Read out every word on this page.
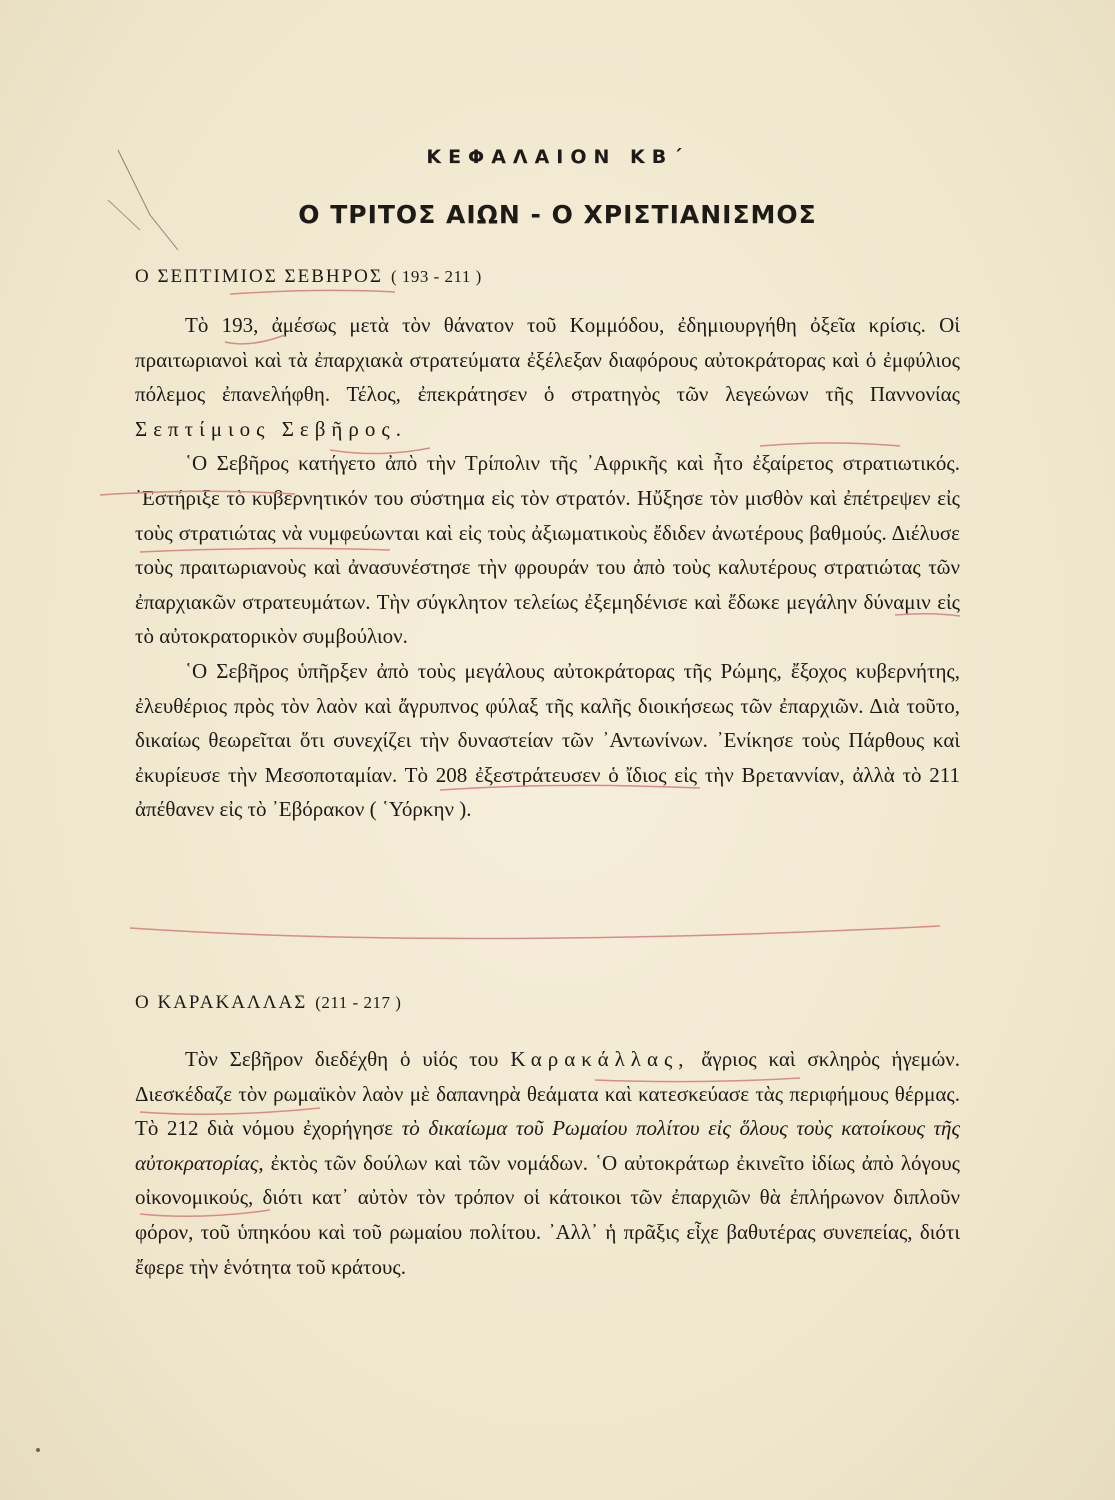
ΚΕΦΑΛΑΙΟΝ ΚΒ΄
Ο ΤΡΙΤΟΣ ΑΙΩΝ - Ο ΧΡΙΣΤΙΑΝΙΣΜΟΣ
Ο ΣΕΠΤΙΜΙΟΣ ΣΕΒΗΡΟΣ ( 193 - 211 )

Τὸ 193, ἀμέσως μετὰ τὸν θάνατον τοῦ Κομμόδου, ἐδημιουργήθη ὀξεῖα κρίσις. Οἱ πραιτωριανοὶ καὶ τὰ ἐπαρχιακὰ στρατεύματα ἐξέλεξαν διαφόρους αὐτοκράτορας καὶ ὁ ἐμφύλιος πόλεμος ἐπανελήφθη. Τέλος, ἐπεκράτησεν ὁ στρατηγὸς τῶν λεγεώνων τῆς Παννονίας Σεπτίμιος Σεβῆρος.

῾Ο Σεβῆρος κατήγετο ἀπὸ τὴν Τρίπολιν τῆς ᾿Αφρικῆς καὶ ἦτο ἐξαίρετος στρατιωτικός. ᾿Εστήριξε τὸ κυβερνητικόν του σύστημα εἰς τὸν στρατόν. Ηὔξησε τὸν μισθὸν καὶ ἐπέτρεψεν εἰς τοὺς στρατιώτας νὰ νυμφεύωνται καὶ εἰς τοὺς ἀξιωματικοὺς ἔδιδεν ἀνωτέρους βαθμούς. Διέλυσε τοὺς πραιτωριανοὺς καὶ ἀνασυνέστησε τὴν φρουράν του ἀπὸ τοὺς καλυτέρους στρατιώτας τῶν ἐπαρχιακῶν στρατευμάτων. Τὴν σύγκλητον τελείως ἐξεμηδένισε καὶ ἔδωκε μεγάλην δύναμιν εἰς τὸ αὐτοκρατορικὸν συμβούλιον.

῾Ο Σεβῆρος ὑπῆρξεν ἀπὸ τοὺς μεγάλους αὐτοκράτορας τῆς Ρώμης, ἔξοχος κυβερνήτης, ἐλευθέριος πρὸς τὸν λαὸν καὶ ἄγρυπνος φύλαξ τῆς καλῆς διοικήσεως τῶν ἐπαρχιῶν. Διὰ τοῦτο, δικαίως θεωρεῖται ὅτι συνεχίζει τὴν δυναστείαν τῶν ᾿Αντωνίνων. ᾿Ενίκησε τοὺς Πάρθους καὶ ἐκυρίευσε τὴν Μεσοποταμίαν. Τὸ 208 ἐξεστράτευσεν ὁ ἴδιος εἰς τὴν Βρεταννίαν, ἀλλὰ τὸ 211 ἀπέθανεν εἰς τὸ ᾿Εβόρακον ( ῾Υόρκην ).

Ο ΚΑΡΑΚΑΛΛΑΣ (211 - 217 )

Τὸν Σεβῆρον διεδέχθη ὁ υἱός του Καρακάλλας, ἄγριος καὶ σκληρὸς ἡγεμών. Διεσκέδαζε τὸν ρωμαϊκὸν λαὸν μὲ δαπανηρὰ θεάματα καὶ κατεσκεύασε τὰς περιφήμους θέρμας. Τὸ 212 διὰ νόμου ἐχορήγησε τὸ δικαίωμα τοῦ Ρωμαίου πολίτου εἰς ὅλους τοὺς κατοίκους τῆς αὐτοκρατορίας, ἐκτὸς τῶν δούλων καὶ τῶν νομάδων. ῾Ο αὐτοκράτωρ ἐκινεῖτο ἰδίως ἀπὸ λόγους οἰκονομικούς, διότι κατ᾿ αὐτὸν τὸν τρόπον οἱ κάτοικοι τῶν ἐπαρχιῶν θὰ ἐπλήρωνον διπλοῦν φόρον, τοῦ ὑπηκόου καὶ τοῦ ρωμαίου πολίτου. ᾿Αλλ᾿ ἡ πρᾶξις εἶχε βαθυτέρας συνεπείας, διότι ἔφερε τὴν ἑνότητα τοῦ κράτους.
